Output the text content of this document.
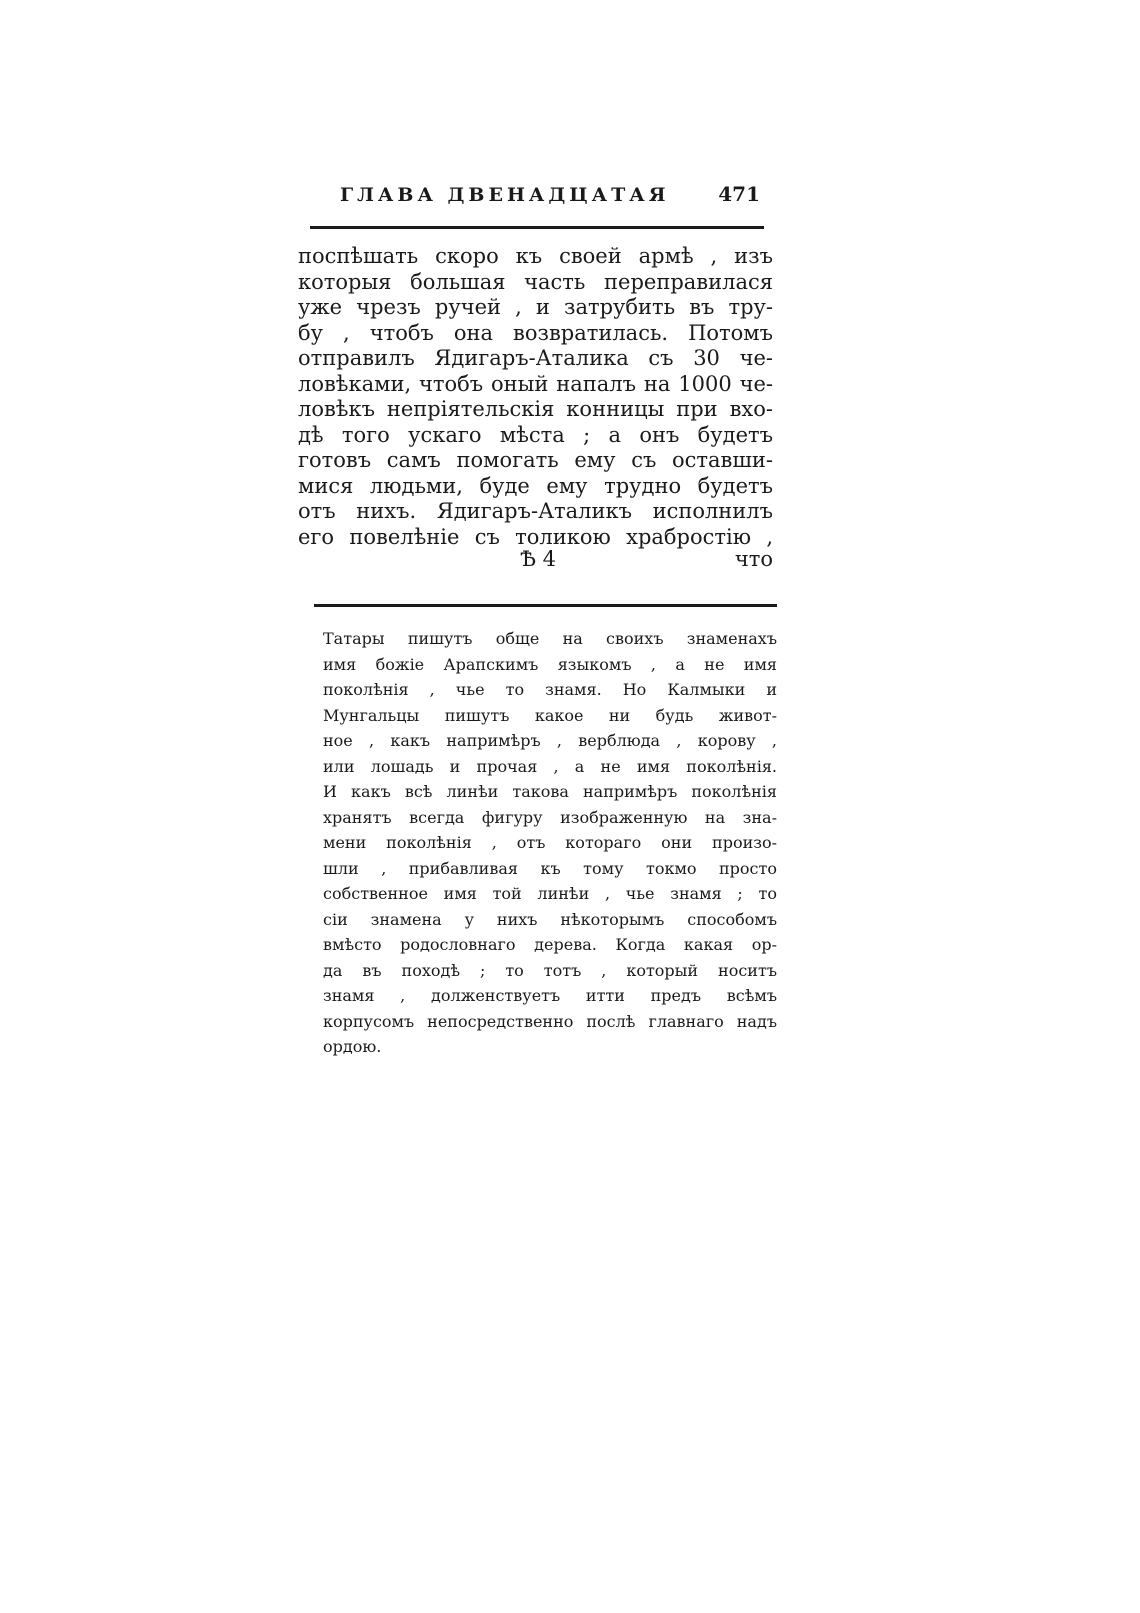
ГЛАВА ДВЕНАДЦАТАЯ 471
поспѣшать скоро къ своей армѣ , изъ
которыя большая часть переправилася
уже чрезъ ручей , и затрубить въ тру-
бу , чтобъ она возвратилась. Потомъ
отправилъ Ядигаръ-Аталика съ 30 че-
ловѣками, чтобъ оный напалъ на 1000 че-
ловѣкъ непріятельскія конницы при вхо-
дѣ того ускаго мѣста ; а онъ будетъ
готовъ самъ помогать ему съ оставши-
мися людьми, буде ему трудно будетъ
отъ нихъ. Ядигаръ-Аталикъ исполнилъ
его повелѣніе съ толикою храбростію ,
Ѣ 4	что
Татары пишутъ обще на своихъ знаменахъ
имя божіе Арапскимъ языкомъ , а не имя
поколѣнія , чье то знамя. Но Калмыки и
Мунгальцы пишутъ какое ни будь живот-
ное , какъ напримѣръ , верблюда , корову ,
или лошадь и прочая , а не имя поколѣнія.
И какъ всѣ линѣи такова напримѣръ поколѣнія
хранятъ всегда фигуру изображенную на зна-
мени поколѣнія , отъ котораго они произо-
шли , прибавливая къ тому токмо просто
собственное имя той линѣи , чье знамя ; то
сіи знамена у нихъ нѣкоторымъ способомъ
вмѣсто родословнаго дерева. Когда какая ор-
да въ походѣ ; то тотъ , который носитъ
знамя , долженствуетъ итти предъ всѣмъ
корпусомъ непосредственно послѣ главнаго надъ
ордою.
